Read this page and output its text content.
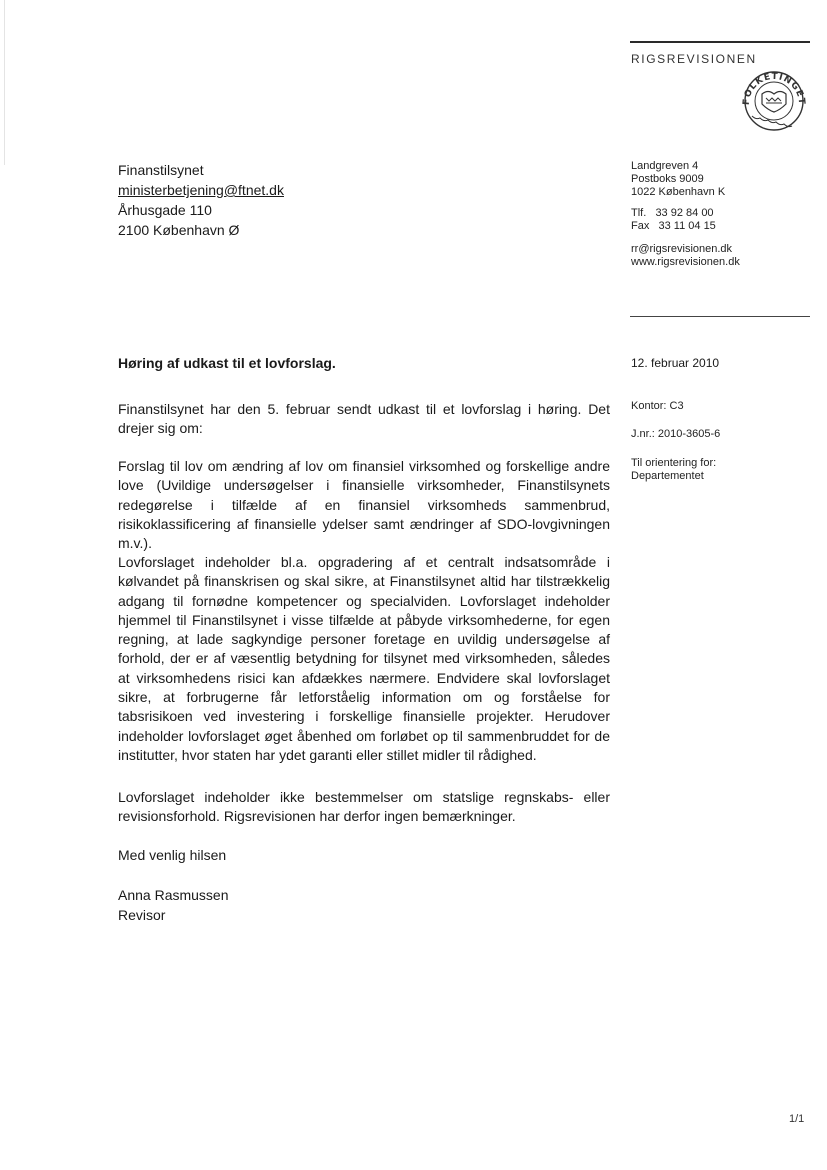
RIGSREVISIONEN
FOLKETINGET
Finanstilsynet
ministerbetjening@ftnet.dk
Århusgade 110
2100 København Ø
Landgreven 4
Postboks 9009
1022 København K
Tlf.   33 92 84 00
Fax   33 11 04 15
rr@rigsrevisionen.dk
www.rigsrevisionen.dk
Høring af udkast til et lovforslag.	12. februar 2010
Kontor: C3
J.nr.: 2010-3605-6
Til orientering for:
Departementet
Finanstilsynet har den 5. februar sendt udkast til et lovforslag i høring. Det drejer sig om:
Forslag til lov om ændring af lov om finansiel virksomhed og forskellige andre love (Uvildige undersøgelser i finansielle virksomheder, Finanstilsynets redegørelse i tilfælde af en finansiel virksomheds sammenbrud, risikoklassificering af finansielle ydelser samt ændringer af SDO-lovgivningen m.v.).
Lovforslaget indeholder bl.a. opgradering af et centralt indsatsområde i kølvandet på finanskrisen og skal sikre, at Finanstilsynet altid har tilstrækkelig adgang til fornødne kompetencer og specialviden. Lovforslaget indeholder hjemmel til Finanstilsynet i visse tilfælde at påbyde virksomhederne, for egen regning, at lade sagkyndige personer foretage en uvildig undersøgelse af forhold, der er af væsentlig betydning for tilsynet med virksomheden, således at virksomhedens risici kan afdækkes nærmere. Endvidere skal lovforslaget sikre, at forbrugerne får letforståelig information om og forståelse for tabsrisikoen ved investering i forskellige finansielle projekter. Herudover indeholder lovforslaget øget åbenhed om forløbet op til sammenbruddet for de institutter, hvor staten har ydet garanti eller stillet midler til rådighed.
Lovforslaget indeholder ikke bestemmelser om statslige regnskabs- eller revisionsforhold. Rigsrevisionen har derfor ingen bemærkninger.
Med venlig hilsen
Anna Rasmussen
Revisor
1/1
